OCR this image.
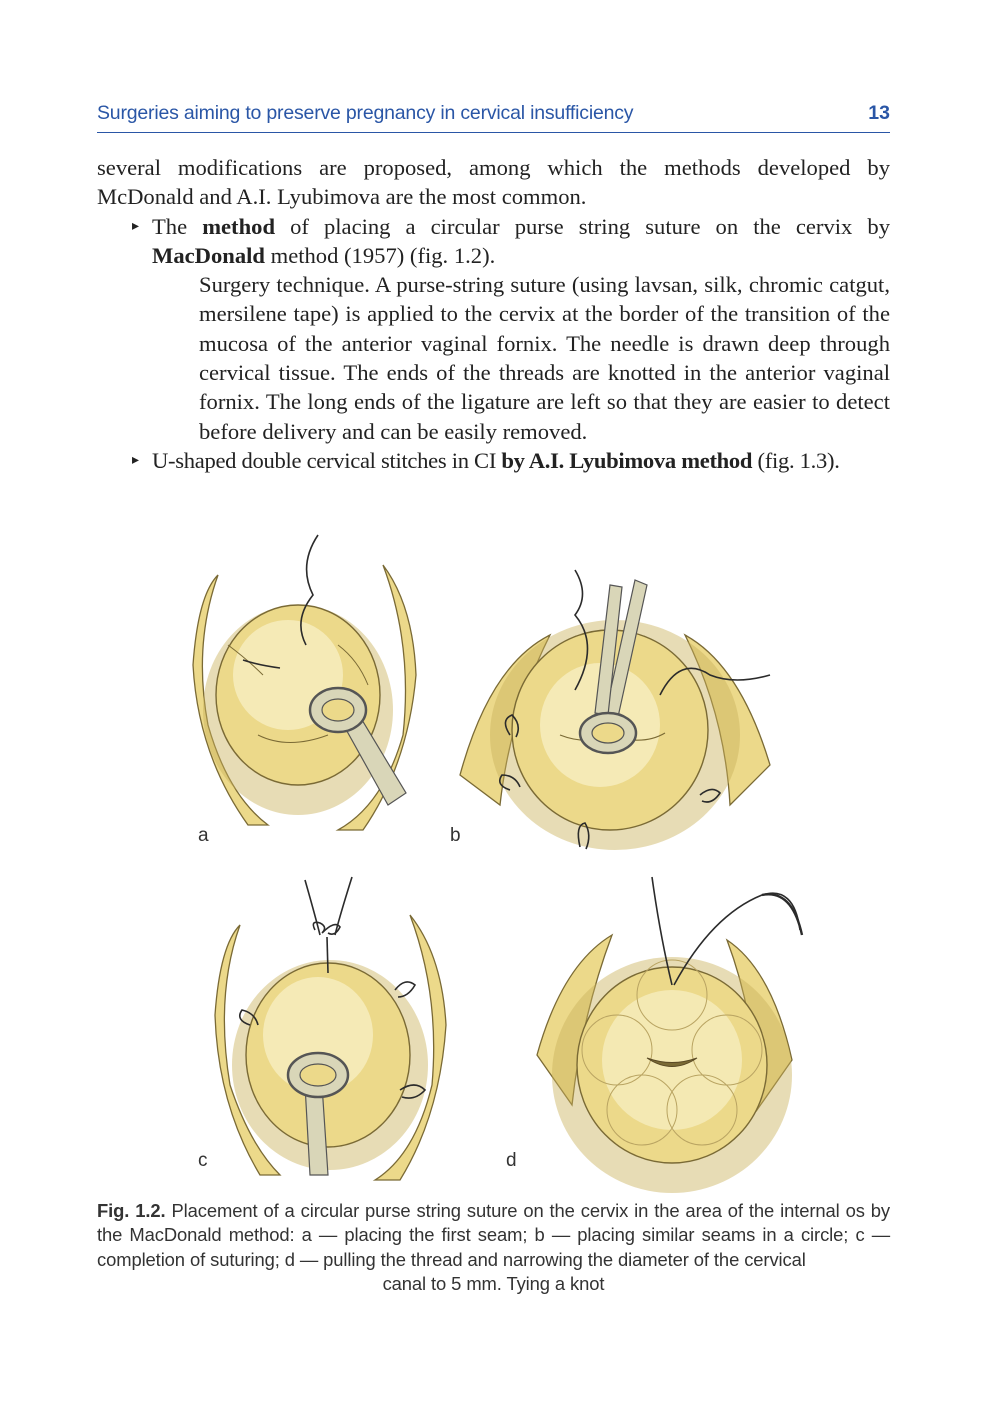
Surgeries aiming to preserve pregnancy in cervical insufficiency	13

several modifications are proposed, among which the methods developed by McDonald and A.I. Lyubimova are the most common.

▸ The method of placing a circular purse string suture on the cervix by MacDonald method (1957) (fig. 1.2).

Surgery technique. A purse-string suture (using lavsan, silk, chromic catgut, mersilene tape) is applied to the cervix at the border of the transition of the mucosa of the anterior vaginal fornix. The needle is drawn deep through cervical tissue. The ends of the threads are knotted in the anterior vaginal fornix. The long ends of the ligature are left so that they are easier to detect before delivery and can be easily removed.

▸ U-shaped double cervical stitches in CI by A.I. Lyubimova method (fig. 1.3).

a	b
c	d
Fig. 1.2. Placement of a circular purse string suture on the cervix in the area of the internal os by the MacDonald method: a — placing the first seam; b — placing similar seams in a circle; c — completion of suturing; d — pulling the thread and narrowing the diameter of the cervical
canal to 5 mm. Tying a knot
